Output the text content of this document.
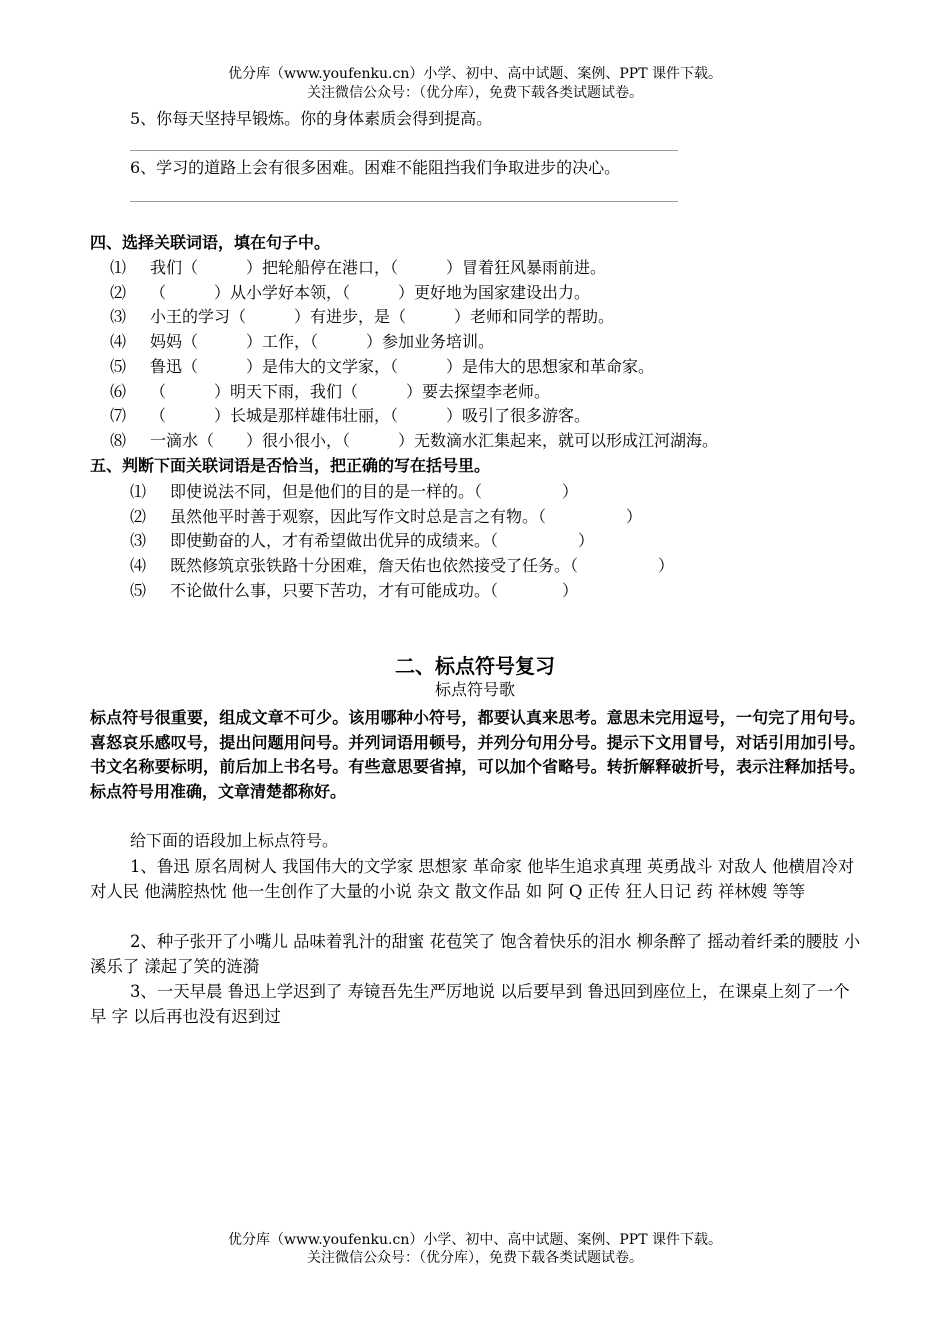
优分库（www.youfenku.cn）小学、初中、高中试题、案例、PPT 课件下载。
关注微信公众号：（优分库），免费下载各类试题试卷。
5、你每天坚持早锻炼。你的身体素质会得到提高。
6、学习的道路上会有很多困难。困难不能阻挡我们争取进步的决心。
四、选择关联词语，填在句子中。
⑴ 我们（　　　）把轮船停在港口，（　　　）冒着狂风暴雨前进。
⑵ （　　　）从小学好本领，（　　　）更好地为国家建设出力。
⑶ 小王的学习（　　　）有进步，是（　　　）老师和同学的帮助。
⑷ 妈妈（　　　）工作，（　　　）参加业务培训。
⑸ 鲁迅（　　　）是伟大的文学家，（　　　）是伟大的思想家和革命家。
⑹ （　　　）明天下雨，我们（　　　）要去探望李老师。
⑺ （　　　）长城是那样雄伟壮丽，（　　　）吸引了很多游客。
⑻ 一滴水（　　）很小很小，（　　　）无数滴水汇集起来，就可以形成江河湖海。
五、判断下面关联词语是否恰当，把正确的写在括号里。
⑴ 即使说法不同，但是他们的目的是一样的。（　　　　　）
⑵ 虽然他平时善于观察，因此写作文时总是言之有物。（　　　　　）
⑶ 即使勤奋的人，才有希望做出优异的成绩来。（　　　　　）
⑷ 既然修筑京张铁路十分困难，詹天佑也依然接受了任务。（　　　　　）
⑸ 不论做什么事，只要下苦功，才有可能成功。（　　　　）
二、标点符号复习
标点符号歌
标点符号很重要，组成文章不可少。该用哪种小符号，都要认真来思考。意思未完用逗号，一句完了用句号。喜怒哀乐感叹号，提出问题用问号。并列词语用顿号，并列分句用分号。提示下文用冒号，对话引用加引号。书文名称要标明，前后加上书名号。有些意思要省掉，可以加个省略号。转折解释破折号，表示注释加括号。标点符号用准确，文章清楚都称好。
给下面的语段加上标点符号。
1、鲁迅 原名周树人 我国伟大的文学家 思想家 革命家 他毕生追求真理 英勇战斗 对敌人 他横眉冷对 对人民 他满腔热忱 他一生创作了大量的小说 杂文 散文作品 如 阿 Q 正传 狂人日记 药 祥林嫂 等等
2、种子张开了小嘴儿 品味着乳汁的甜蜜 花苞笑了 饱含着快乐的泪水 柳条醉了 摇动着纤柔的腰肢 小溪乐了 漾起了笑的涟漪
3、一天早晨 鲁迅上学迟到了 寿镜吾先生严厉地说 以后要早到 鲁迅回到座位上，在课桌上刻了一个 早 字 以后再也没有迟到过
优分库（www.youfenku.cn）小学、初中、高中试题、案例、PPT 课件下载。
关注微信公众号：（优分库），免费下载各类试题试卷。
